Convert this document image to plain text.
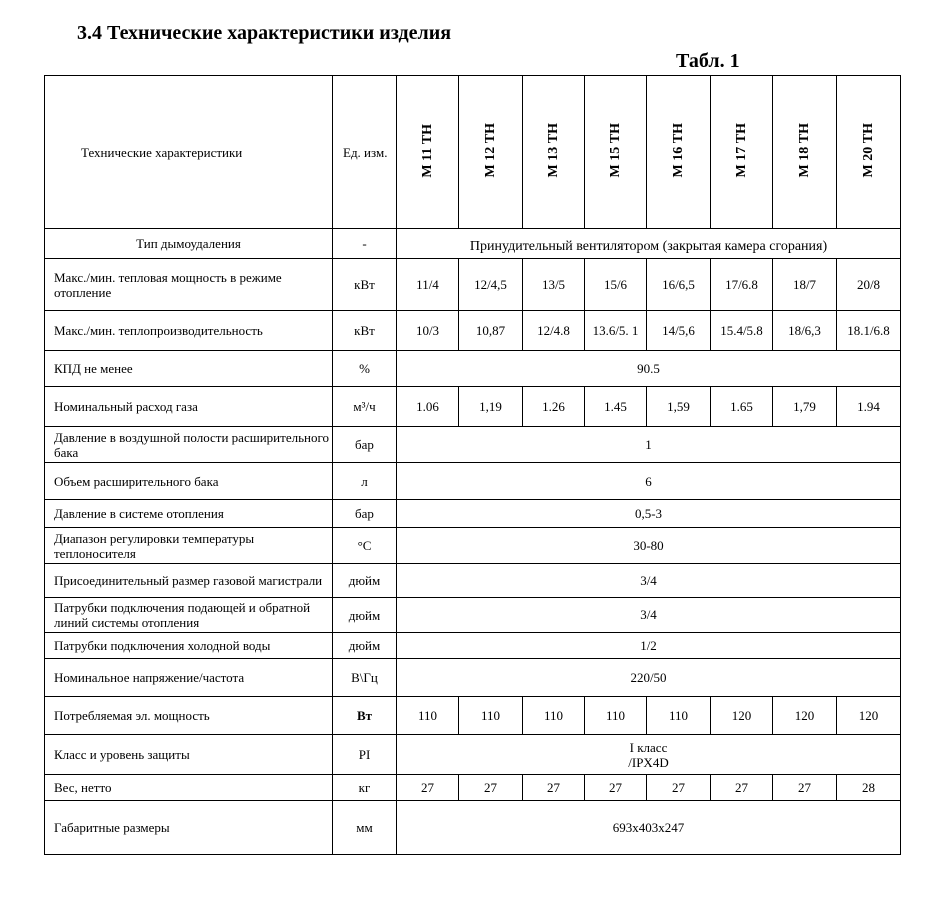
3.4 Технические характеристики изделия
Табл. 1
Технические характеристики	Ед. изм.	М 11 ТН	М 12 ТН	М 13 ТН	М 15 ТН	М 16 ТН	М 17 ТН	М 18 ТН	М 20 ТН
Тип дымоудаления	-	Принудительный вентилятором (закрытая камера сгорания)							
Макс./мин. тепловая мощность в режиме отопление	кВт	11/4	12/4,5	13/5	15/6	16/6,5	17/6.8	18/7	20/8
Макс./мин. теплопроизводительность	кВт	10/3	10,87	12/4.8	13.6/5. 1	14/5,6	15.4/5.8	18/6,3	18.1/6.8
КПД не менее	%	90.5							
Номинальный расход газа	м³/ч	1.06	1,19	1.26	1.45	1,59	1.65	1,79	1.94
Давление в воздушной полости расширительного бака	бар	1							
Объем расширительного бака	л	6							
Давление в системе отопления	бар	0,5-3							
Диапазон регулировки температуры теплоносителя	°С	30-80							
Присоединительный размер газовой магистрали	дюйм	3/4							
Патрубки подключения подающей и обратной линий системы отопления	дюйм	3/4							
Патрубки подключения холодной воды	дюйм	1/2							
Номинальное напряжение/частота	В\Гц	220/50							
Потребляемая эл. мощность	Вт	110	110	110	110	110	120	120	120
Класс и уровень защиты	PI	I класс
/IPX4D							

Вес, нетто	кг	27	27	27	27	27	27	27	28
Габаритные размеры	мм	693x403x247							
